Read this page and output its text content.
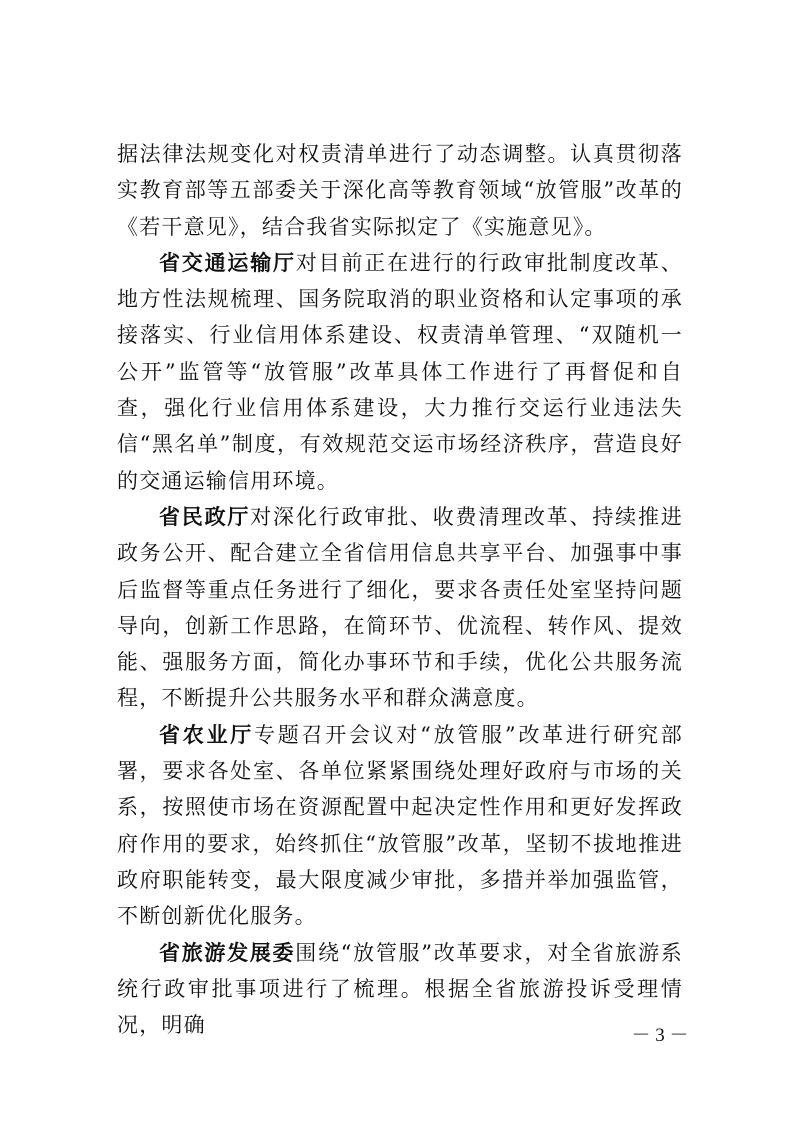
据法律法规变化对权责清单进行了动态调整。认真贯彻落实教育部等五部委关于深化高等教育领域“放管服”改革的《若干意见》，结合我省实际拟定了《实施意见》。

省交通运输厅对目前正在进行的行政审批制度改革、地方性法规梳理、国务院取消的职业资格和认定事项的承接落实、行业信用体系建设、权责清单管理、“双随机一公开”监管等“放管服”改革具体工作进行了再督促和自查，强化行业信用体系建设，大力推行交运行业违法失信“黑名单”制度，有效规范交运市场经济秩序，营造良好的交通运输信用环境。

省民政厅对深化行政审批、收费清理改革、持续推进政务公开、配合建立全省信用信息共享平台、加强事中事后监督等重点任务进行了细化，要求各责任处室坚持问题导向，创新工作思路，在简环节、优流程、转作风、提效能、强服务方面，简化办事环节和手续，优化公共服务流程，不断提升公共服务水平和群众满意度。

省农业厅专题召开会议对“放管服”改革进行研究部署，要求各处室、各单位紧紧围绕处理好政府与市场的关系，按照使市场在资源配置中起决定性作用和更好发挥政府作用的要求，始终抓住“放管服”改革，坚韧不拔地推进政府职能转变，最大限度减少审批，多措并举加强监管，不断创新优化服务。

省旅游发展委围绕“放管服”改革要求，对全省旅游系统行政审批事项进行了梳理。根据全省旅游投诉受理情况，明确	－ 3 －
